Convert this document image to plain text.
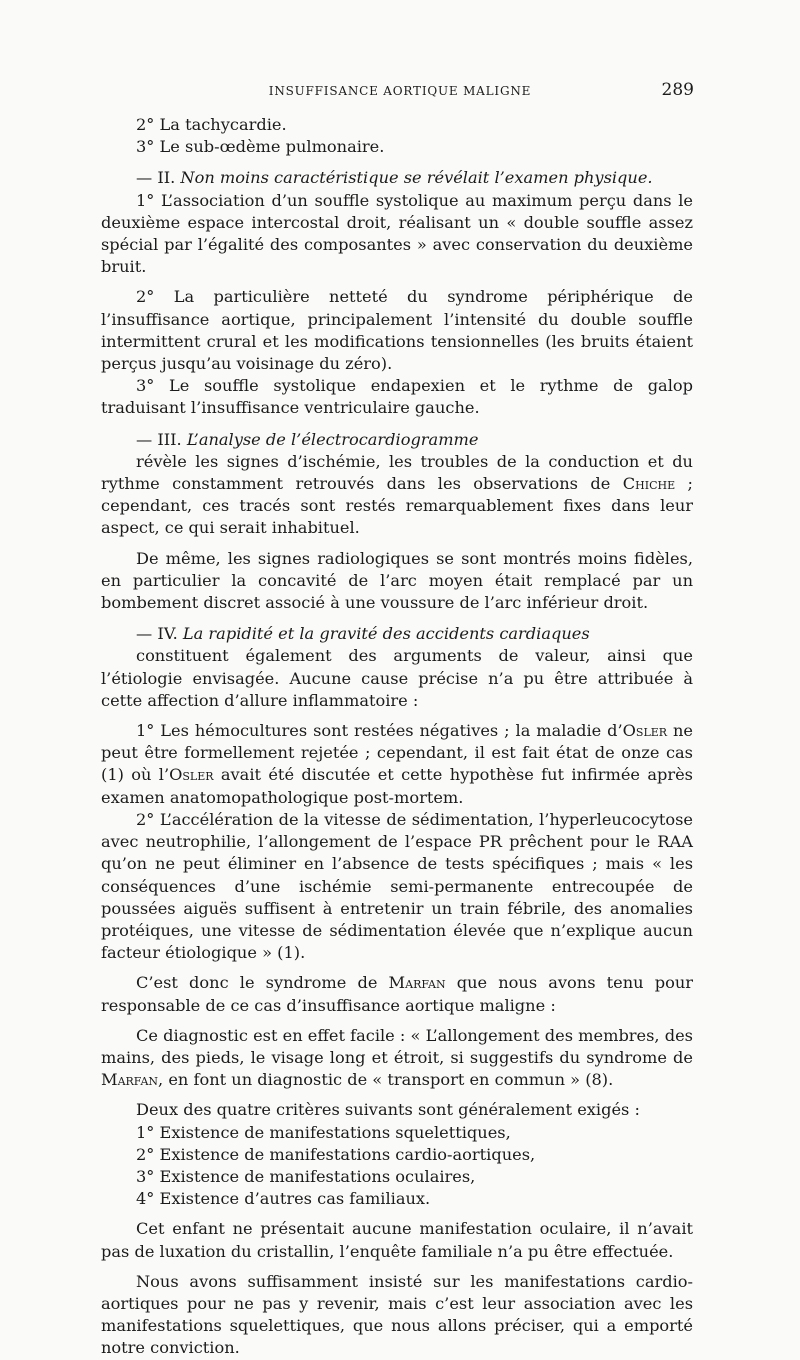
INSUFFISANCE AORTIQUE MALIGNE	289

2° La tachycardie.

3° Le sub-œdème pulmonaire.

— II. Non moins caractéristique se révélait l’examen physique.

1° L’association d’un souffle systolique au maximum perçu dans le deuxième espace intercostal droit, réalisant un « double souffle assez spécial par l’égalité des composantes » avec conservation du deuxième bruit.

2° La particulière netteté du syndrome périphérique de l’insuffisance aortique, principalement l’intensité du double souffle intermittent crural et les modifications tensionnelles (les bruits étaient perçus jusqu’au voisinage du zéro).

3° Le souffle systolique endapexien et le rythme de galop traduisant l’insuffisance ventriculaire gauche.

— III. L’analyse de l’électrocardiogramme

révèle les signes d’ischémie, les troubles de la conduction et du rythme constamment retrouvés dans les observations de Chiche ; cependant, ces tracés sont restés remarquablement fixes dans leur aspect, ce qui serait inhabituel.

De même, les signes radiologiques se sont montrés moins fidèles, en particulier la concavité de l’arc moyen était remplacé par un bombement discret associé à une voussure de l’arc inférieur droit.

— IV. La rapidité et la gravité des accidents cardiaques

constituent également des arguments de valeur, ainsi que l’étiologie envisagée. Aucune cause précise n’a pu être attribuée à cette affection d’allure inflammatoire :

1° Les hémocultures sont restées négatives ; la maladie d’Osler ne peut être formellement rejetée ; cependant, il est fait état de onze cas (1) où l’Osler avait été discutée et cette hypothèse fut infirmée après examen anatomopathologique post-mortem.

2° L’accélération de la vitesse de sédimentation, l’hyperleucocytose avec neutrophilie, l’allongement de l’espace PR prêchent pour le RAA qu’on ne peut éliminer en l’absence de tests spécifiques ; mais « les conséquences d’une ischémie semi-permanente entrecoupée de poussées aiguës suffisent à entretenir un train fébrile, des anomalies protéiques, une vitesse de sédimentation élevée que n’explique aucun facteur étiologique » (1).

C’est donc le syndrome de Marfan que nous avons tenu pour responsable de ce cas d’insuffisance aortique maligne :

Ce diagnostic est en effet facile : « L’allongement des membres, des mains, des pieds, le visage long et étroit, si suggestifs du syndrome de Marfan, en font un diagnostic de « transport en commun » (8).

Deux des quatre critères suivants sont généralement exigés :

1° Existence de manifestations squelettiques,

2° Existence de manifestations cardio-aortiques,

3° Existence de manifestations oculaires,

4° Existence d’autres cas familiaux.

Cet enfant ne présentait aucune manifestation oculaire, il n’avait pas de luxation du cristallin, l’enquête familiale n’a pu être effectuée.

Nous avons suffisamment insisté sur les manifestations cardio-aortiques pour ne pas y revenir, mais c’est leur association avec les manifestations squelettiques, que nous allons préciser, qui a emporté notre conviction.
